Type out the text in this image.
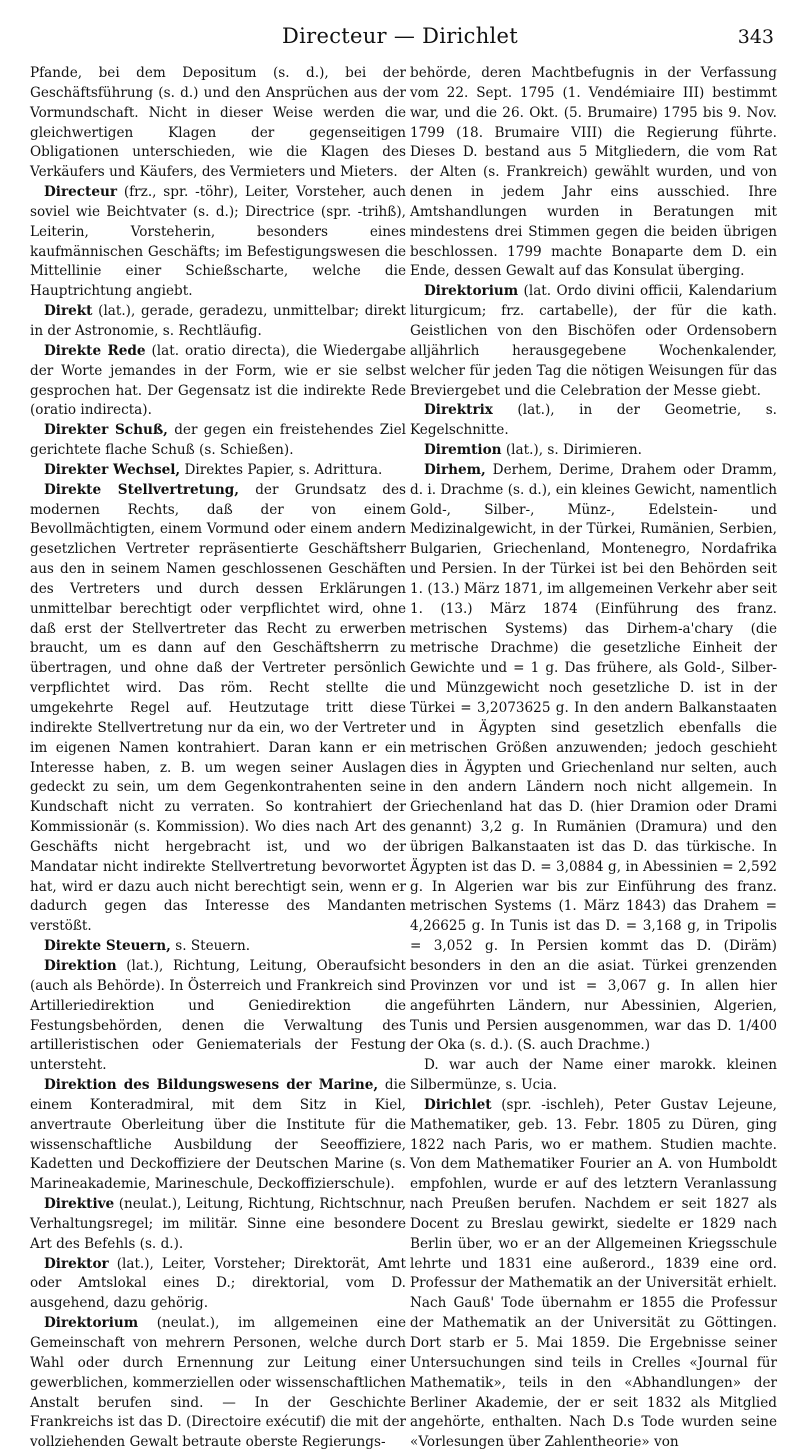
Directeur — Dirichlet	343

Pfande, bei dem Depositum (s. d.), bei der Geschäftsführung (s. d.) und den Ansprüchen aus der Vormundschaft. Nicht in dieser Weise werden die gleichwertigen Klagen der gegenseitigen Obligationen unterschieden, wie die Klagen des Verkäufers und Käufers, des Vermieters und Mieters.

Directeur (frz., spr. -töhr), Leiter, Vorsteher, auch soviel wie Beichtvater (s. d.); Directrice (spr. -trihß), Leiterin, Vorsteherin, besonders eines kaufmännischen Geschäfts; im Befestigungswesen die Mittellinie einer Schießscharte, welche die Hauptrichtung angiebt.

Direkt (lat.), gerade, geradezu, unmittelbar; direkt in der Astronomie, s. Rechtläufig.

Direkte Rede (lat. oratio directa), die Wiedergabe der Worte jemandes in der Form, wie er sie selbst gesprochen hat. Der Gegensatz ist die indirekte Rede (oratio indirecta).

Direkter Schuß, der gegen ein freistehendes Ziel gerichtete flache Schuß (s. Schießen).

Direkter Wechsel, Direktes Papier, s. Adrittura.

Direkte Stellvertretung, der Grundsatz des modernen Rechts, daß der von einem Bevollmächtigten, einem Vormund oder einem andern gesetzlichen Vertreter repräsentierte Geschäftsherr aus den in seinem Namen geschlossenen Geschäften des Vertreters und durch dessen Erklärungen unmittelbar berechtigt oder verpflichtet wird, ohne daß erst der Stellvertreter das Recht zu erwerben braucht, um es dann auf den Geschäftsherrn zu übertragen, und ohne daß der Vertreter persönlich verpflichtet wird. Das röm. Recht stellte die umgekehrte Regel auf. Heutzutage tritt diese indirekte Stellvertretung nur da ein, wo der Vertreter im eigenen Namen kontrahiert. Daran kann er ein Interesse haben, z. B. um wegen seiner Auslagen gedeckt zu sein, um dem Gegenkontrahenten seine Kundschaft nicht zu verraten. So kontrahiert der Kommissionär (s. Kommission). Wo dies nach Art des Geschäfts nicht hergebracht ist, und wo der Mandatar nicht indirekte Stellvertretung bevorwortet hat, wird er dazu auch nicht berechtigt sein, wenn er dadurch gegen das Interesse des Mandanten verstößt.

Direkte Steuern, s. Steuern.

Direktion (lat.), Richtung, Leitung, Oberaufsicht (auch als Behörde). In Österreich und Frankreich sind Artilleriedirektion und Geniedirektion die Festungsbehörden, denen die Verwaltung des artilleristischen oder Geniematerials der Festung untersteht.

Direktion des Bildungswesens der Marine, die einem Konteradmiral, mit dem Sitz in Kiel, anvertraute Oberleitung über die Institute für die wissenschaftliche Ausbildung der Seeoffiziere, Kadetten und Deckoffiziere der Deutschen Marine (s. Marineakademie, Marineschule, Deckoffizierschule).

Direktive (neulat.), Leitung, Richtung, Richtschnur, Verhaltungsregel; im militär. Sinne eine besondere Art des Befehls (s. d.).

Direktor (lat.), Leiter, Vorsteher; Direktorät, Amt oder Amtslokal eines D.; direktorial, vom D. ausgehend, dazu gehörig.

Direktorium (neulat.), im allgemeinen eine Gemeinschaft von mehrern Personen, welche durch Wahl oder durch Ernennung zur Leitung einer gewerblichen, kommerziellen oder wissenschaftlichen Anstalt berufen sind. — In der Geschichte Frankreichs ist das D. (Directoire exécutif) die mit der vollziehenden Gewalt betraute oberste Regierungs-

behörde, deren Machtbefugnis in der Verfassung vom 22. Sept. 1795 (1. Vendémiaire III) bestimmt war, und die 26. Okt. (5. Brumaire) 1795 bis 9. Nov. 1799 (18. Brumaire VIII) die Regierung führte. Dieses D. bestand aus 5 Mitgliedern, die vom Rat der Alten (s. Frankreich) gewählt wurden, und von denen in jedem Jahr eins ausschied. Ihre Amtshandlungen wurden in Beratungen mit mindestens drei Stimmen gegen die beiden übrigen beschlossen. 1799 machte Bonaparte dem D. ein Ende, dessen Gewalt auf das Konsulat überging.

Direktorium (lat. Ordo divini officii, Kalendarium liturgicum; frz. cartabelle), der für die kath. Geistlichen von den Bischöfen oder Ordensobern alljährlich herausgegebene Wochenkalender, welcher für jeden Tag die nötigen Weisungen für das Breviergebet und die Celebration der Messe giebt.

Direktrix (lat.), in der Geometrie, s. Kegelschnitte.

Diremtion (lat.), s. Dirimieren.

Dirhem, Derhem, Derime, Drahem oder Dramm, d. i. Drachme (s. d.), ein kleines Gewicht, namentlich Gold-, Silber-, Münz-, Edelstein- und Medizinalgewicht, in der Türkei, Rumänien, Serbien, Bulgarien, Griechenland, Montenegro, Nordafrika und Persien. In der Türkei ist bei den Behörden seit 1. (13.) März 1871, im allgemeinen Verkehr aber seit 1. (13.) März 1874 (Einführung des franz. metrischen Systems) das Dirhem-a'chary (die metrische Drachme) die gesetzliche Einheit der Gewichte und = 1 g. Das frühere, als Gold-, Silber- und Münzgewicht noch gesetzliche D. ist in der Türkei = 3,2073625 g. In den andern Balkanstaaten und in Ägypten sind gesetzlich ebenfalls die metrischen Größen anzuwenden; jedoch geschieht dies in Ägypten und Griechenland nur selten, auch in den andern Ländern noch nicht allgemein. In Griechenland hat das D. (hier Dramion oder Drami genannt) 3,2 g. In Rumänien (Dramura) und den übrigen Balkanstaaten ist das D. das türkische. In Ägypten ist das D. = 3,0884 g, in Abessinien = 2,592 g. In Algerien war bis zur Einführung des franz. metrischen Systems (1. März 1843) das Drahem = 4,26625 g. In Tunis ist das D. = 3,168 g, in Tripolis = 3,052 g. In Persien kommt das D. (Diräm) besonders in den an die asiat. Türkei grenzenden Provinzen vor und ist = 3,067 g. In allen hier angeführten Ländern, nur Abessinien, Algerien, Tunis und Persien ausgenommen, war das D. 1/400 der Oka (s. d.). (S. auch Drachme.)

D. war auch der Name einer marokk. kleinen Silbermünze, s. Ucia.

Dirichlet (spr. -ischleh), Peter Gustav Lejeune, Mathematiker, geb. 13. Febr. 1805 zu Düren, ging 1822 nach Paris, wo er mathem. Studien machte. Von dem Mathematiker Fourier an A. von Humboldt empfohlen, wurde er auf des letztern Veranlassung nach Preußen berufen. Nachdem er seit 1827 als Docent zu Breslau gewirkt, siedelte er 1829 nach Berlin über, wo er an der Allgemeinen Kriegsschule lehrte und 1831 eine außerord., 1839 eine ord. Professur der Mathematik an der Universität erhielt. Nach Gauß' Tode übernahm er 1855 die Professur der Mathematik an der Universität zu Göttingen. Dort starb er 5. Mai 1859. Die Ergebnisse seiner Untersuchungen sind teils in Crelles «Journal für Mathematik», teils in den «Abhandlungen» der Berliner Akademie, der er seit 1832 als Mitglied angehörte, enthalten. Nach D.s Tode wurden seine «Vorlesungen über Zahlentheorie» von
